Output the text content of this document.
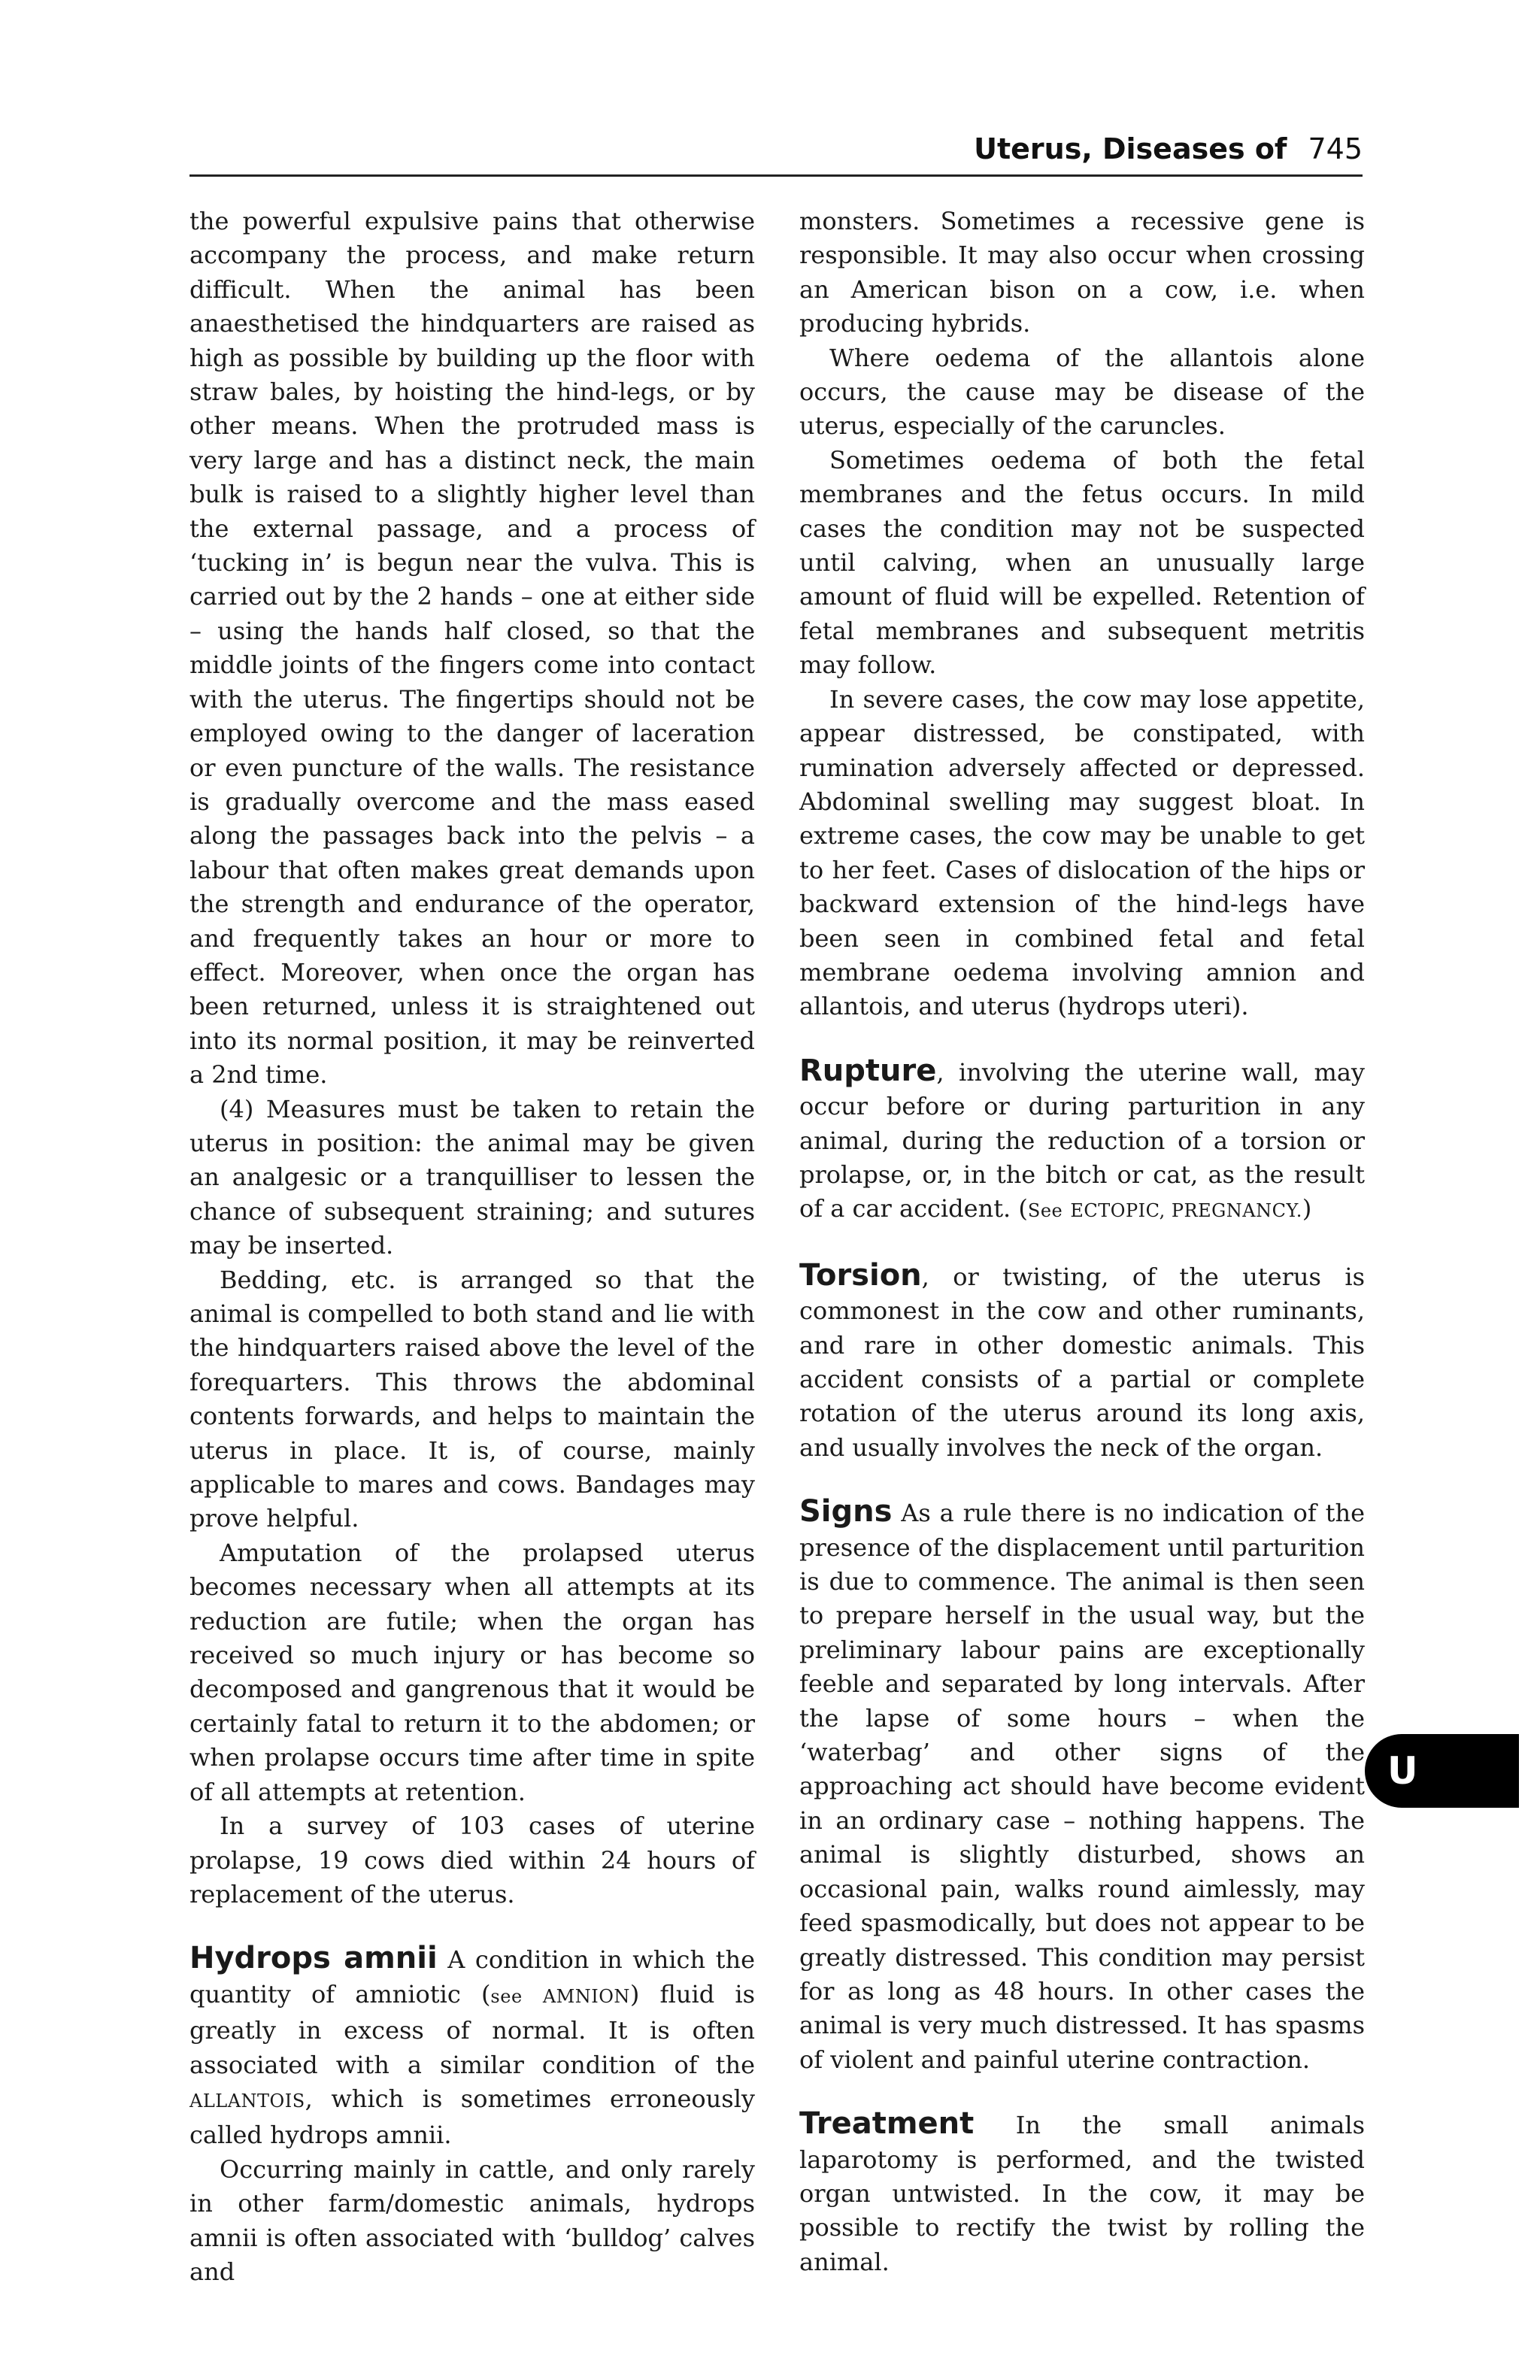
Uterus, Diseases of 745

the powerful expulsive pains that otherwise accompany the process, and make return difficult. When the animal has been anaesthetised the hindquarters are raised as high as possible by building up the floor with straw bales, by hoisting the hind-legs, or by other means. When the protruded mass is very large and has a distinct neck, the main bulk is raised to a slightly higher level than the external passage, and a process of ‘tucking in’ is begun near the vulva. This is carried out by the 2 hands – one at either side – using the hands half closed, so that the middle joints of the fingers come into contact with the uterus. The fingertips should not be employed owing to the danger of laceration or even puncture of the walls. The resistance is gradually overcome and the mass eased along the passages back into the pelvis – a labour that often makes great demands upon the strength and endurance of the operator, and frequently takes an hour or more to effect. Moreover, when once the organ has been returned, unless it is straightened out into its normal position, it may be reinverted a 2nd time.

(4) Measures must be taken to retain the uterus in position: the animal may be given an analgesic or a tranquilliser to lessen the chance of subsequent straining; and sutures may be inserted.

Bedding, etc. is arranged so that the animal is compelled to both stand and lie with the hindquarters raised above the level of the forequarters. This throws the abdominal contents forwards, and helps to maintain the uterus in place. It is, of course, mainly applicable to mares and cows. Bandages may prove helpful.

Amputation of the prolapsed uterus becomes necessary when all attempts at its reduction are futile; when the organ has received so much injury or has become so decomposed and gangrenous that it would be certainly fatal to return it to the abdomen; or when prolapse occurs time after time in spite of all attempts at retention.

In a survey of 103 cases of uterine prolapse, 19 cows died within 24 hours of replacement of the uterus.

Hydrops amnii A condition in which the quantity of amniotic (see AMNION) fluid is greatly in excess of normal. It is often associated with a similar condition of the ALLANTOIS, which is sometimes erroneously called hydrops amnii.

Occurring mainly in cattle, and only rarely in other farm/domestic animals, hydrops amnii is often associated with ‘bulldog’ calves and

monsters. Sometimes a recessive gene is responsible. It may also occur when crossing an American bison on a cow, i.e. when producing hybrids.

Where oedema of the allantois alone occurs, the cause may be disease of the uterus, especially of the caruncles.

Sometimes oedema of both the fetal membranes and the fetus occurs. In mild cases the condition may not be suspected until calving, when an unusually large amount of fluid will be expelled. Retention of fetal membranes and subsequent metritis may follow.

In severe cases, the cow may lose appetite, appear distressed, be constipated, with rumination adversely affected or depressed. Abdominal swelling may suggest bloat. In extreme cases, the cow may be unable to get to her feet. Cases of dislocation of the hips or backward extension of the hind-legs have been seen in combined fetal and fetal membrane oedema involving amnion and allantois, and uterus (hydrops uteri).

Rupture, involving the uterine wall, may occur before or during parturition in any animal, during the reduction of a torsion or prolapse, or, in the bitch or cat, as the result of a car accident. (See ECTOPIC, PREGNANCY.)

Torsion, or twisting, of the uterus is commonest in the cow and other ruminants, and rare in other domestic animals. This accident consists of a partial or complete rotation of the uterus around its long axis, and usually involves the neck of the organ.

Signs As a rule there is no indication of the presence of the displacement until parturition is due to commence. The animal is then seen to prepare herself in the usual way, but the preliminary labour pains are exceptionally feeble and separated by long intervals. After the lapse of some hours – when the ‘waterbag’ and other signs of the approaching act should have become evident in an ordinary case – nothing happens. The animal is slightly disturbed, shows an occasional pain, walks round aimlessly, may feed spasmodically, but does not appear to be greatly distressed. This condition may persist for as long as 48 hours. In other cases the animal is very much distressed. It has spasms of violent and painful uterine contraction.

Treatment In the small animals laparotomy is performed, and the twisted organ untwisted. In the cow, it may be possible to rectify the twist by rolling the animal.

U
